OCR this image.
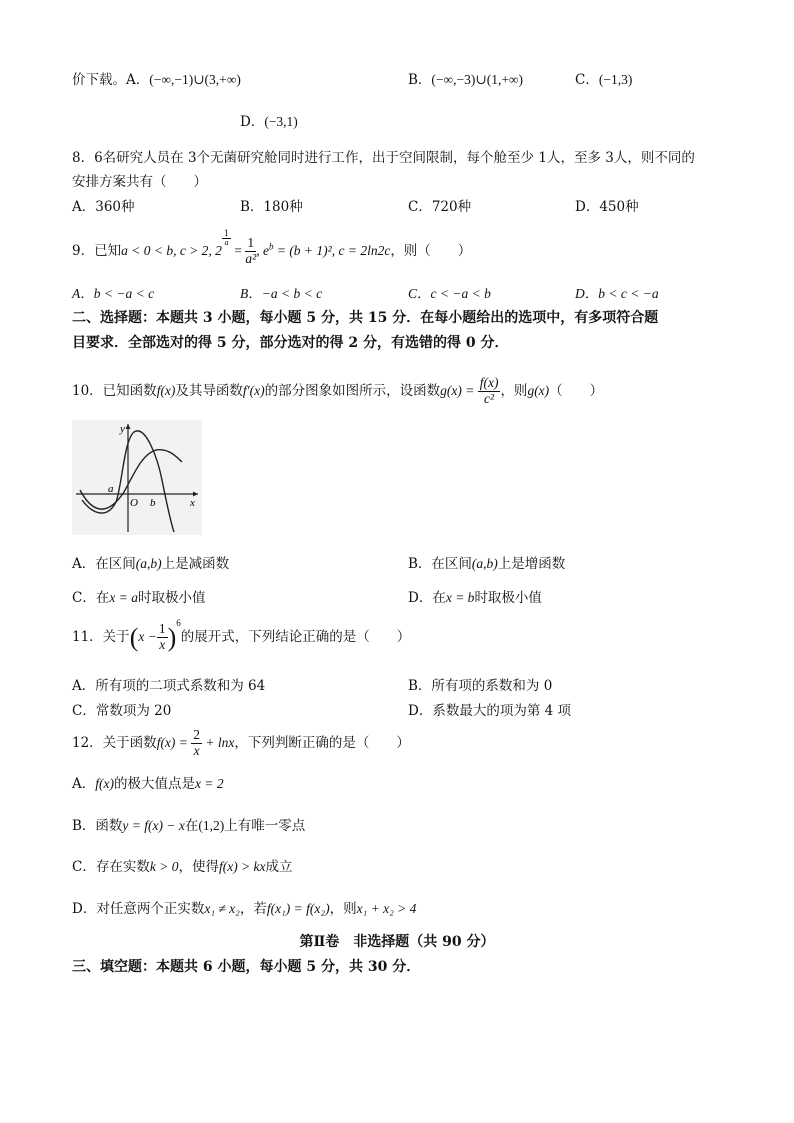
价下载。A．(−∞,−1)∪(3,+∞)	B．(−∞,−3)∪(1,+∞)	C．(−1,3)
D．(−3,1)
8．6名研究人员在 3个无菌研究舱同时进行工作，出于空间限制，每个舱至少 1人，至多 3人，则不同的
安排方案共有（　　）
A．360种	B．180种	C．720种	D．450种
9．已知a < 0 < b, c > 2, 2
$^{\frac{1}{a}}$
= $\frac{1}{\text{a²}}$ , $e^b = (b + 1)^2$, c = 2ln2c，则（　　）
A．b < −a < c	B．−a < b < c	C．c < −a < b	D．b < c < −a
二、选择题：本题共 3 小题，每小题 5 分，共 15 分．在每小题给出的选项中，有多项符合题
目要求．全部选对的得 5 分，部分选对的得 2 分，有选错的得 0 分．
10．已知函数f(x)及其导函数f′(x)的部分图象如图所示，设函数$g(x) = \frac{f(x)}{\text{c²}}$ ，则g(x)（　　）
y
x
a
O b
A．在区间(a,b)上是减函数	B．在区间(a,b)上是增函数
C．在x = a时取极小值	D．在x = b时取极小值
11．关于$(x - \frac{1}{x} )^6$的展开式，下列结论正确的是（　　）
A．所有项的二项式系数和为 64	B．所有项的系数和为 0
C．常数项为 20	D．系数最大的项为第 4 项
12．关于函数$f(x) = \frac{2}{x} + \ln x$，下列判断正确的是（　　）
A．f(x)的极大值点是x = 2
B．函数y = f(x) − x在(1,2)上有唯一零点
C．存在实数k > 0，使得f(x) > kx成立
D．对任意两个正实数x₁ ≠ x₂，若f(x₁) = f(x₂)，则x₁ + x₂ > 4
第Ⅱ卷　非选择题（共 90 分）
三、填空题：本题共 6 小题，每小题 5 分，共 30 分．
